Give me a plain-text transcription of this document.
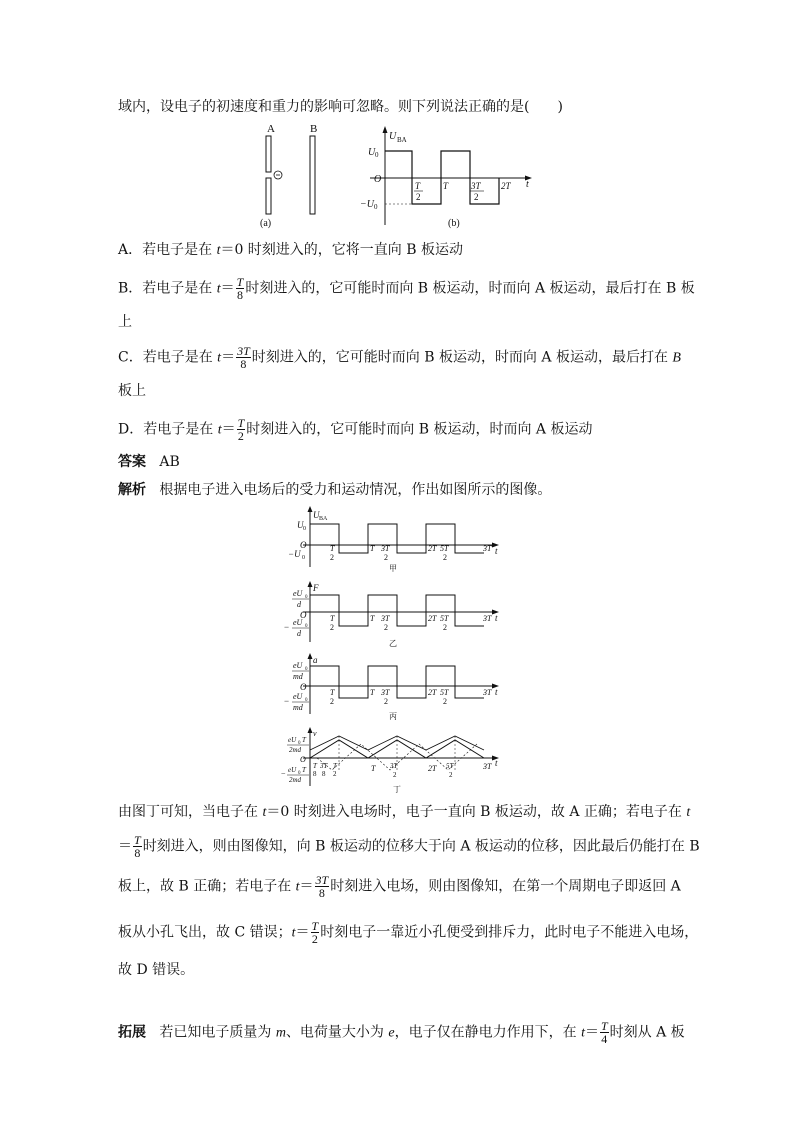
域内，设电子的初速度和重力的影响可忽略。则下列说法正确的是(　　)
A	B
(a)
U BA
U 0
O
−U 0
t
T
2
T	3T
2
2T
(b)
A．若电子是在 t＝0 时刻进入的，它将一直向 B 板运动
B．若电子是在 $t= \frac{T}{8}$ 时刻进入的，它可能时而向 B 板运动，时而向 A 板运动，最后打在 B 板
上
C．若电子是在 $t= \frac{3T}{8}$ 时刻进入的，它可能时而向 B 板运动，时而向 A 板运动，最后打在 B
板上
D．若电子是在 $t= \frac{T}{2}$ 时刻进入的，它可能时而向 B 板运动，时而向 A 板运动
答案 AB
解析 根据电子进入电场后的受力和运动情况，作出如图所示的图像。
U BA
U 0
O
−U 0
t
T
2
T 3T
2
2T 5T
2
3T
甲
F
eU 0
d
O
− eU 0
d
t
T
2
T 3T
2
2T 5T
2
3T
乙
a
eU 0
md
O
− eU 0
md
t
T
2
T 3T
2
2T 5T
2
3T
丙
v
eU 0 T
2md
O
− eU 0 T
2md
t
T
8
3T
8
T
2
T 3T
2
2T 5T
2
3T
丁
由图丁可知，当电子在 t＝0 时刻进入电场时，电子一直向 B 板运动，故 A 正确；若电子在 t
＝ $\frac{T}{8}$ 时刻进入，则由图像知，向 B 板运动的位移大于向 A 板运动的位移，因此最后仍能打在 B
板上，故 B 正确；若电子在 $t= \frac{3T}{8}$ 时刻进入电场，则由图像知，在第一个周期电子即返回 A
板从小孔飞出，故 C 错误；$t= \frac{T}{2}$ 时刻电子一靠近小孔便受到排斥力，此时电子不能进入电场，
故 D 错误。
拓展 若已知电子质量为 m、电荷量大小为 e，电子仅在静电力作用下，在 $t= \frac{T}{4}$ 时刻从 A 板
